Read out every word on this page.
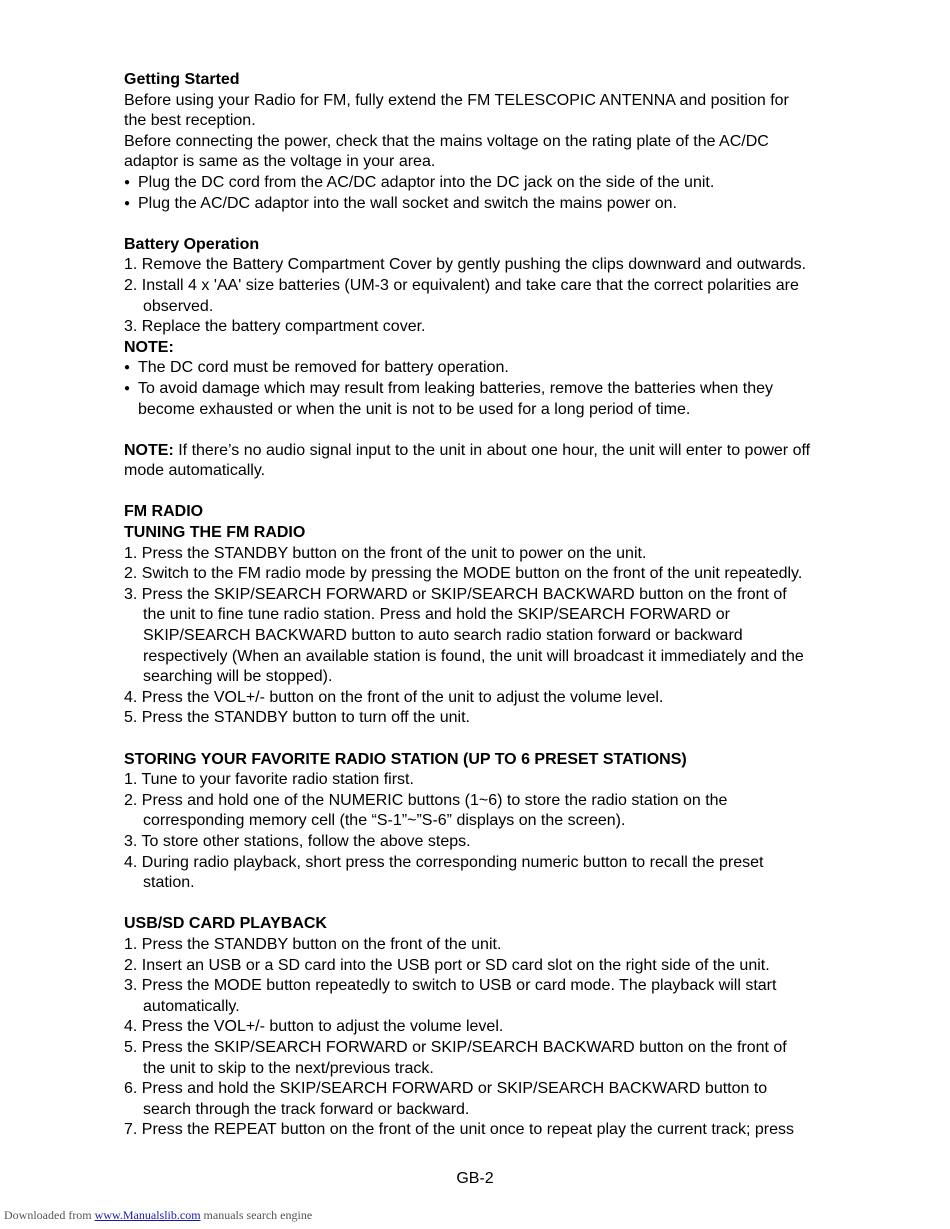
Getting Started
Before using your Radio for FM, fully extend the FM TELESCOPIC ANTENNA and position for
the best reception.
Before connecting the power, check that the mains voltage on the rating plate of the AC/DC
adaptor is same as the voltage in your area.
● Plug the DC cord from the AC/DC adaptor into the DC jack on the side of the unit.
● Plug the AC/DC adaptor into the wall socket and switch the mains power on.
Battery Operation
1. Remove the Battery Compartment Cover by gently pushing the clips downward and outwards.
2. Install 4 x 'AA' size batteries (UM-3 or equivalent) and take care that the correct polarities are
observed.
3. Replace the battery compartment cover.
NOTE:
● The DC cord must be removed for battery operation.
● To avoid damage which may result from leaking batteries, remove the batteries when they
become exhausted or when the unit is not to be used for a long period of time.
NOTE: If there’s no audio signal input to the unit in about one hour, the unit will enter to power off
mode automatically.
FM RADIO
TUNING THE FM RADIO
1. Press the STANDBY button on the front of the unit to power on the unit.
2. Switch to the FM radio mode by pressing the MODE button on the front of the unit repeatedly.
3. Press the SKIP/SEARCH FORWARD or SKIP/SEARCH BACKWARD button on the front of
the unit to fine tune radio station. Press and hold the SKIP/SEARCH FORWARD or
SKIP/SEARCH BACKWARD button to auto search radio station forward or backward
respectively (When an available station is found, the unit will broadcast it immediately and the
searching will be stopped).
4. Press the VOL+/- button on the front of the unit to adjust the volume level.
5. Press the STANDBY button to turn off the unit.
STORING YOUR FAVORITE RADIO STATION (UP TO 6 PRESET STATIONS)
1. Tune to your favorite radio station first.
2. Press and hold one of the NUMERIC buttons (1~6) to store the radio station on the
corresponding memory cell (the “S-1”~”S-6” displays on the screen).
3. To store other stations, follow the above steps.
4. During radio playback, short press the corresponding numeric button to recall the preset
station.
USB/SD CARD PLAYBACK
1. Press the STANDBY button on the front of the unit.
2. Insert an USB or a SD card into the USB port or SD card slot on the right side of the unit.
3. Press the MODE button repeatedly to switch to USB or card mode. The playback will start
automatically.
4. Press the VOL+/- button to adjust the volume level.
5. Press the SKIP/SEARCH FORWARD or SKIP/SEARCH BACKWARD button on the front of
the unit to skip to the next/previous track.
6. Press and hold the SKIP/SEARCH FORWARD or SKIP/SEARCH BACKWARD button to
search through the track forward or backward.
7. Press the REPEAT button on the front of the unit once to repeat play the current track; press
GB-2
Downloaded from www.Manualslib.com manuals search engine
